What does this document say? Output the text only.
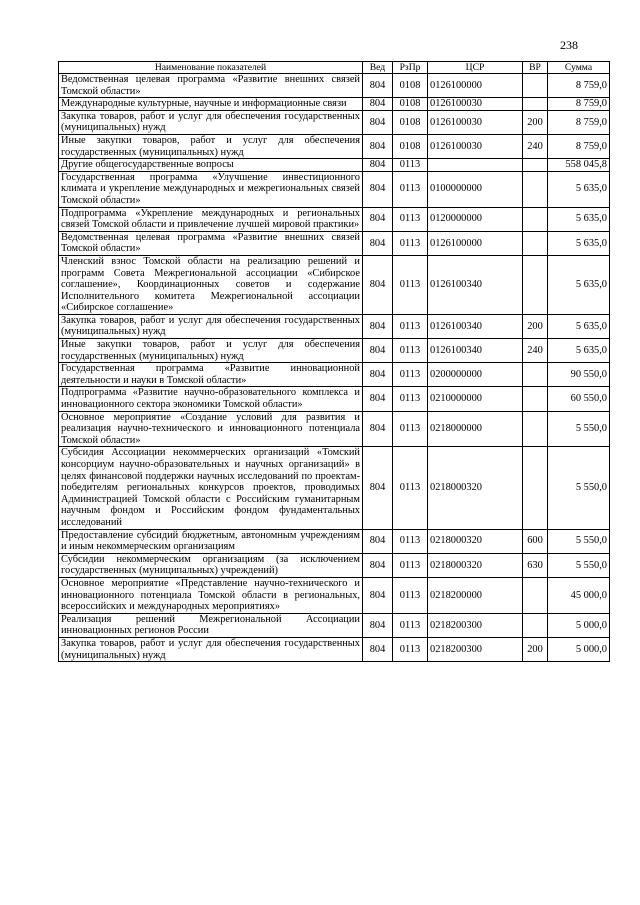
238
Наименование показателей	Вед	РзПр	ЦСР	ВР	Сумма
Ведомственная целевая программа «Развитие внешних связей Томской области»	804	0108	0126100000		8 759,0
Международные культурные, научные и информационные связи	804	0108	0126100030		8 759,0
Закупка товаров, работ и услуг для обеспечения государственных (муниципальных) нужд	804	0108	0126100030	200	8 759,0
Иные закупки товаров, работ и услуг для обеспечения государственных (муниципальных) нужд	804	0108	0126100030	240	8 759,0
Другие общегосударственные вопросы	804	0113			558 045,8
Государственная программа «Улучшение инвестиционного климата и укрепление международных и межрегиональных связей Томской области»	804	0113	0100000000		5 635,0
Подпрограмма «Укрепление международных и региональных связей Томской области и привлечение лучшей мировой практики»	804	0113	0120000000		5 635,0
Ведомственная целевая программа «Развитие внешних связей Томской области»	804	0113	0126100000		5 635,0
Членский взнос Томской области на реализацию решений и программ Совета Межрегиональной ассоциации «Сибирское соглашение», Координационных советов и содержание Исполнительного комитета Межрегиональной ассоциации «Сибирское соглашение»	804	0113	0126100340		5 635,0
Закупка товаров, работ и услуг для обеспечения государственных (муниципальных) нужд	804	0113	0126100340	200	5 635,0
Иные закупки товаров, работ и услуг для обеспечения государственных (муниципальных) нужд	804	0113	0126100340	240	5 635,0
Государственная программа «Развитие инновационной деятельности и науки в Томской области»	804	0113	0200000000		90 550,0
Подпрограмма «Развитие научно-образовательного комплекса и инновационного сектора экономики Томской области»	804	0113	0210000000		60 550,0
Основное мероприятие «Создание условий для развития и реализация научно-технического и инновационного потенциала Томской области»	804	0113	0218000000		5 550,0
Субсидия Ассоциации некоммерческих организаций «Томский консорциум научно-образовательных и научных организаций» в целях финансовой поддержки научных исследований по проектам-победителям региональных конкурсов проектов, проводимых Администрацией Томской области с Российским гуманитарным научным фондом и Российским фондом фундаментальных исследований	804	0113	0218000320		5 550,0
Предоставление субсидий бюджетным, автономным учреждениям и иным некоммерческим организациям	804	0113	0218000320	600	5 550,0
Субсидии некоммерческим организациям (за исключением государственных (муниципальных) учреждений)	804	0113	0218000320	630	5 550,0
Основное мероприятие «Представление научно-технического и инновационного потенциала Томской области в региональных, всероссийских и международных мероприятиях»	804	0113	0218200000		45 000,0
Реализация решений Межрегиональной Ассоциации инновационных регионов России	804	0113	0218200300		5 000,0
Закупка товаров, работ и услуг для обеспечения государственных (муниципальных) нужд	804	0113	0218200300	200	5 000,0
